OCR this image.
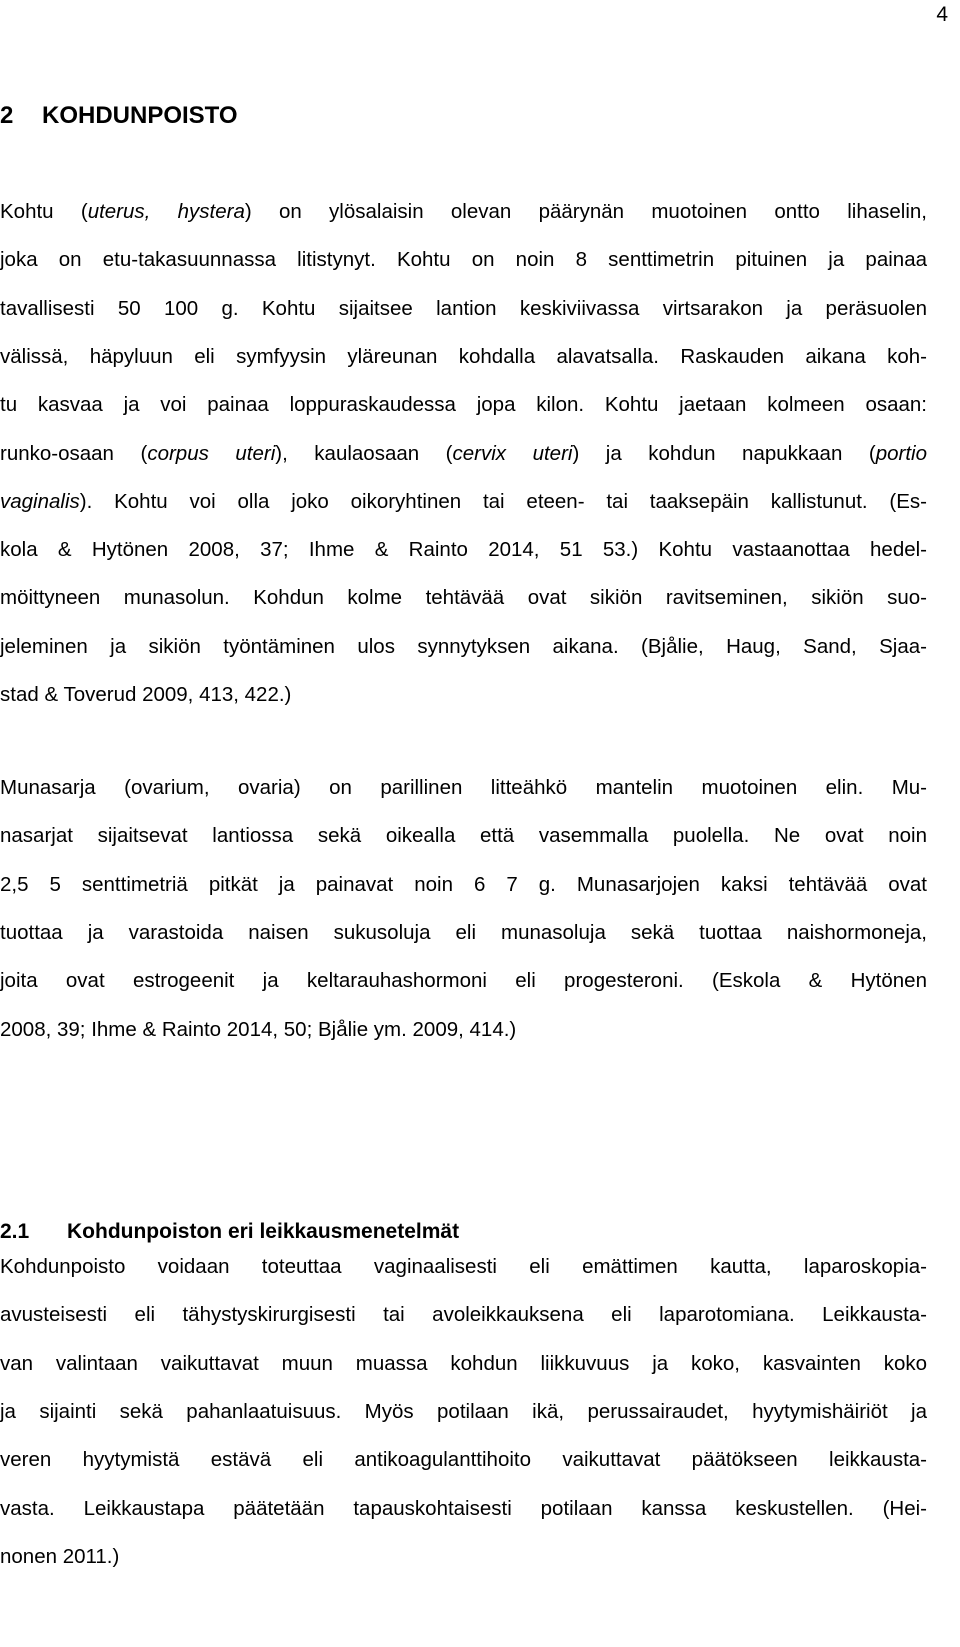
4
2 KOHDUNPOISTO
Kohtu (uterus, hystera) on ylösalaisin olevan päärynän muotoinen ontto lihaselin,
joka on etu-takasuunnassa litistynyt. Kohtu on noin 8 senttimetrin pituinen ja painaa
tavallisesti 50 100 g. Kohtu sijaitsee lantion keskiviivassa virtsarakon ja peräsuolen
välissä, häpyluun eli symfyysin yläreunan kohdalla alavatsalla. Raskauden aikana koh-
tu kasvaa ja voi painaa loppuraskaudessa jopa kilon. Kohtu jaetaan kolmeen osaan:
runko-osaan (corpus uteri), kaulaosaan (cervix uteri) ja kohdun napukkaan (portio
vaginalis). Kohtu voi olla joko oikoryhtinen tai eteen- tai taaksepäin kallistunut. (Es-
kola & Hytönen 2008, 37; Ihme & Rainto 2014, 51 53.) Kohtu vastaanottaa hedel-
möittyneen munasolun. Kohdun kolme tehtävää ovat sikiön ravitseminen, sikiön suo-
jeleminen ja sikiön työntäminen ulos synnytyksen aikana. (Bjålie, Haug, Sand, Sjaa-
stad & Toverud 2009, 413, 422.)
Munasarja (ovarium, ovaria) on parillinen litteähkö mantelin muotoinen elin. Mu-
nasarjat sijaitsevat lantiossa sekä oikealla että vasemmalla puolella. Ne ovat noin
2,5 5 senttimetriä pitkät ja painavat noin 6 7 g. Munasarjojen kaksi tehtävää ovat
tuottaa ja varastoida naisen sukusoluja eli munasoluja sekä tuottaa naishormoneja,
joita ovat estrogeenit ja keltarauhashormoni eli progesteroni. (Eskola & Hytönen
2008, 39; Ihme & Rainto 2014, 50; Bjålie ym. 2009, 414.)
2.1 Kohdunpoiston eri leikkausmenetelmät
Kohdunpoisto voidaan toteuttaa vaginaalisesti eli emättimen kautta, laparoskopia-
avusteisesti eli tähystyskirurgisesti tai avoleikkauksena eli laparotomiana. Leikkausta-
van valintaan vaikuttavat muun muassa kohdun liikkuvuus ja koko, kasvainten koko
ja sijainti sekä pahanlaatuisuus. Myös potilaan ikä, perussairaudet, hyytymishäiriöt ja
veren hyytymistä estävä eli antikoagulanttihoito vaikuttavat päätökseen leikkausta-
vasta. Leikkaustapa päätetään tapauskohtaisesti potilaan kanssa keskustellen. (Hei-
nonen 2011.)
